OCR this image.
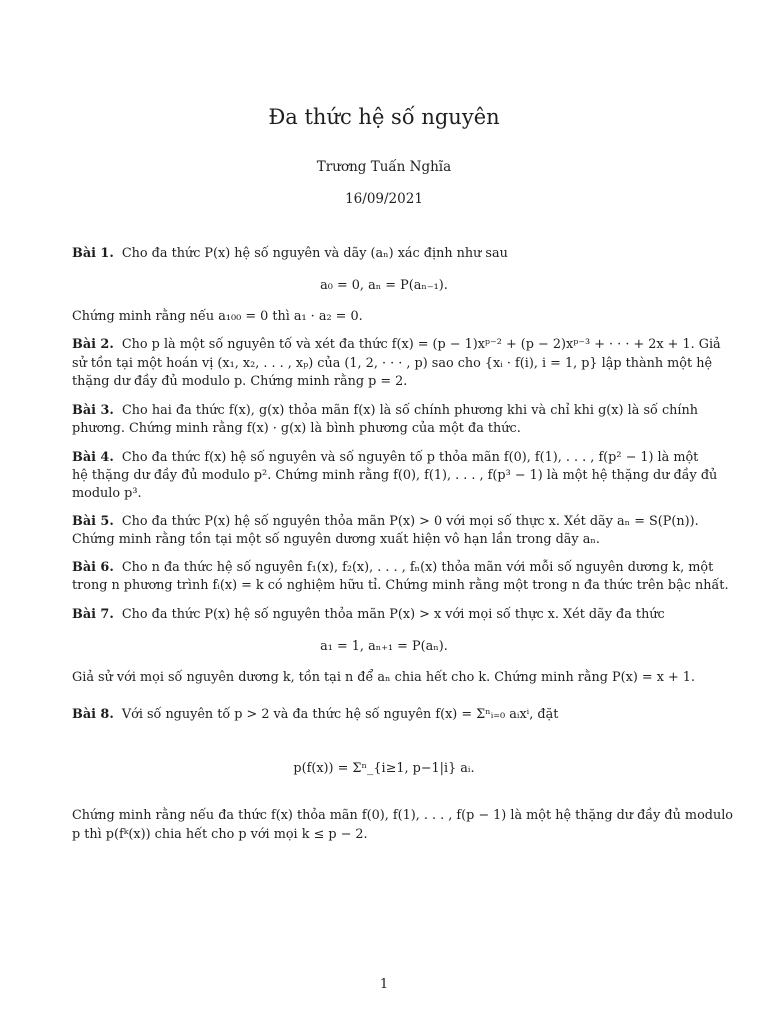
Đa thức hệ số nguyên
Trương Tuấn Nghĩa
16/09/2021
Bài 1. Cho đa thức P(x) hệ số nguyên và dãy (aₙ) xác định như sau
a₀ = 0, aₙ = P(aₙ₋₁).
Chứng minh rằng nếu a₁₀₀ = 0 thì a₁ · a₂ = 0.
Bài 2. Cho p là một số nguyên tố và xét đa thức f(x) = (p − 1)xᵖ⁻² + (p − 2)xᵖ⁻³ + · · · + 2x + 1. Giả
sử tồn tại một hoán vị (x₁, x₂, . . . , xₚ) của (1, 2, · · · , p) sao cho {xᵢ · f(i), i = 1, p} lập thành một hệ
thặng dư đầy đủ modulo p. Chứng minh rằng p = 2.
Bài 3. Cho hai đa thức f(x), g(x) thỏa mãn f(x) là số chính phương khi và chỉ khi g(x) là số chính
phương. Chứng minh rằng f(x) · g(x) là bình phương của một đa thức.
Bài 4. Cho đa thức f(x) hệ số nguyên và số nguyên tố p thỏa mãn f(0), f(1), . . . , f(p² − 1) là một
hệ thặng dư đầy đủ modulo p². Chứng minh rằng f(0), f(1), . . . , f(p³ − 1) là một hệ thặng dư đầy đủ
modulo p³.
Bài 5. Cho đa thức P(x) hệ số nguyên thỏa mãn P(x) > 0 với mọi số thực x. Xét dãy aₙ = S(P(n)).
Chứng minh rằng tồn tại một số nguyên dương xuất hiện vô hạn lần trong dãy aₙ.
Bài 6. Cho n đa thức hệ số nguyên f₁(x), f₂(x), . . . , fₙ(x) thỏa mãn với mỗi số nguyên dương k, một
trong n phương trình fᵢ(x) = k có nghiệm hữu tỉ. Chứng minh rằng một trong n đa thức trên bậc nhất.
Bài 7. Cho đa thức P(x) hệ số nguyên thỏa mãn P(x) > x với mọi số thực x. Xét dãy đa thức
a₁ = 1, aₙ₊₁ = P(aₙ).
Giả sử với mọi số nguyên dương k, tồn tại n để aₙ chia hết cho k. Chứng minh rằng P(x) = x + 1.
Bài 8. Với số nguyên tố p > 2 và đa thức hệ số nguyên f(x) = Σⁿᵢ₌₀ aᵢxⁱ, đặt
p(f(x)) = Σⁿ_{i≥1, p−1|i} aᵢ.
Chứng minh rằng nếu đa thức f(x) thỏa mãn f(0), f(1), . . . , f(p − 1) là một hệ thặng dư đầy đủ modulo
p thì p(fᵏ(x)) chia hết cho p với mọi k ≤ p − 2.
1
